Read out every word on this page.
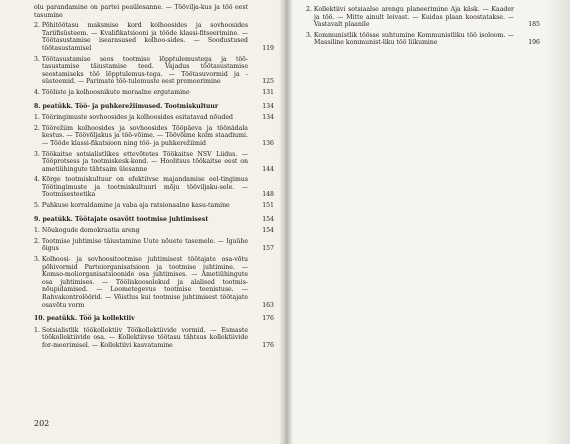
olu parandamine on partei peaülesanne. — Töövilja-kus ja töö eest tasumine
2. Põhitöötasu maksmise kord kolhoosides ja sovhoosides Tariifisüsteem. — Kvalifikatsiooni ja tööde klassi-fitseerimine. — Töötasustamise isearasused kolhoo-sides. — Soodustused töötasustamisel	119
3. Töötasustamise seos tootmise lõpptulemustega ja töö-tasustamise täiustamise teed. Vajadus töötasustamise seostamiseks töö lõpptulemus-tega. — Töötasuvormid ja -süsteemid. — Parimate töö-tulemuste eest premeerimine	125
4. Tööliste ja kolhoosnikute moraalne ergutamine	131
8. peatükk. Töö- ja puhkerežiimused. Tootmiskultuur	134
1. Tööringimuste sovhoosides ja kolhoosides esitatavad nõuded	134
2. Töörežiim kolhoosides ja sovhoosides Tööpäeva ja töönädala kestus. — Töövõljakus ja töö-võime. — Töövõime kolm staadiumi. — Tööde klassi-fikatsioon ning töö- ja puhkerežiimid	136
3. Töökaitse sotsialistlikes ettevõtetes Töökaitse NSV Liidus. — Tööprotsess ja tootmiskesk-kond. — Hoolitsus töökaitse eest on ametiühingute tähtsaim ülesanne	144
4. Kõrge tootmiskultuur on efektiivse majandamise eel-tingimus Töötingimuste ja tootmiskultuuri mõju tööviljaku-sele. — Tootmisesteetika	148
5. Puhkuse korraldamine ja vaba aja ratsionaalne kasu-tamine	151
9. peatükk. Töötajate osavõtt tootmise juhtimisest	154
1. Nõukogude demokraatia areng	154
2. Tootmise juhtimise täiustamine Uute nõuete tasemele. — Igaühe õigus	157
3. Kolhoosi- ja sovhoositootmise juhtimisest töötajate osa-võtu põhivormid Parteiorganisatsioon ja tootmise juhtimine. — Komso-moliorganisatsioonide osa juhtimises. — Ametiühingute osa juhtimises. — Tööliskoosolekud ja alalised tootmis-nõupidamised. — Loometegevus tootmise teenistuse. — Rahvakontrolöörid. — Võistlus kui tootmise juhtimisest töötajate osavõtu vorm	163
10. peatükk. Töö ja kollektiiv	176
1. Sotsialistlik töökollektiiv Töökollektiivide vormid. — Esmaste töökollektiivide osa. — Kollektiivse töötasu tähtsus kollektiivide for-meerimisel. — Kollektiivi kasvatamine	176
202
2. Kollektiivi sotsiaalse arengu planeerimine Aja käsk. — Kaader ja töö. — Mitte ainult leivast. — Kuidas plaan koostatakse. — Vastavalt plaanile	185
3. Kommunistlik töösse suhtumine Kommunistliku töö isoloom. — Massiline kommunist-liku töö liikumine	196
